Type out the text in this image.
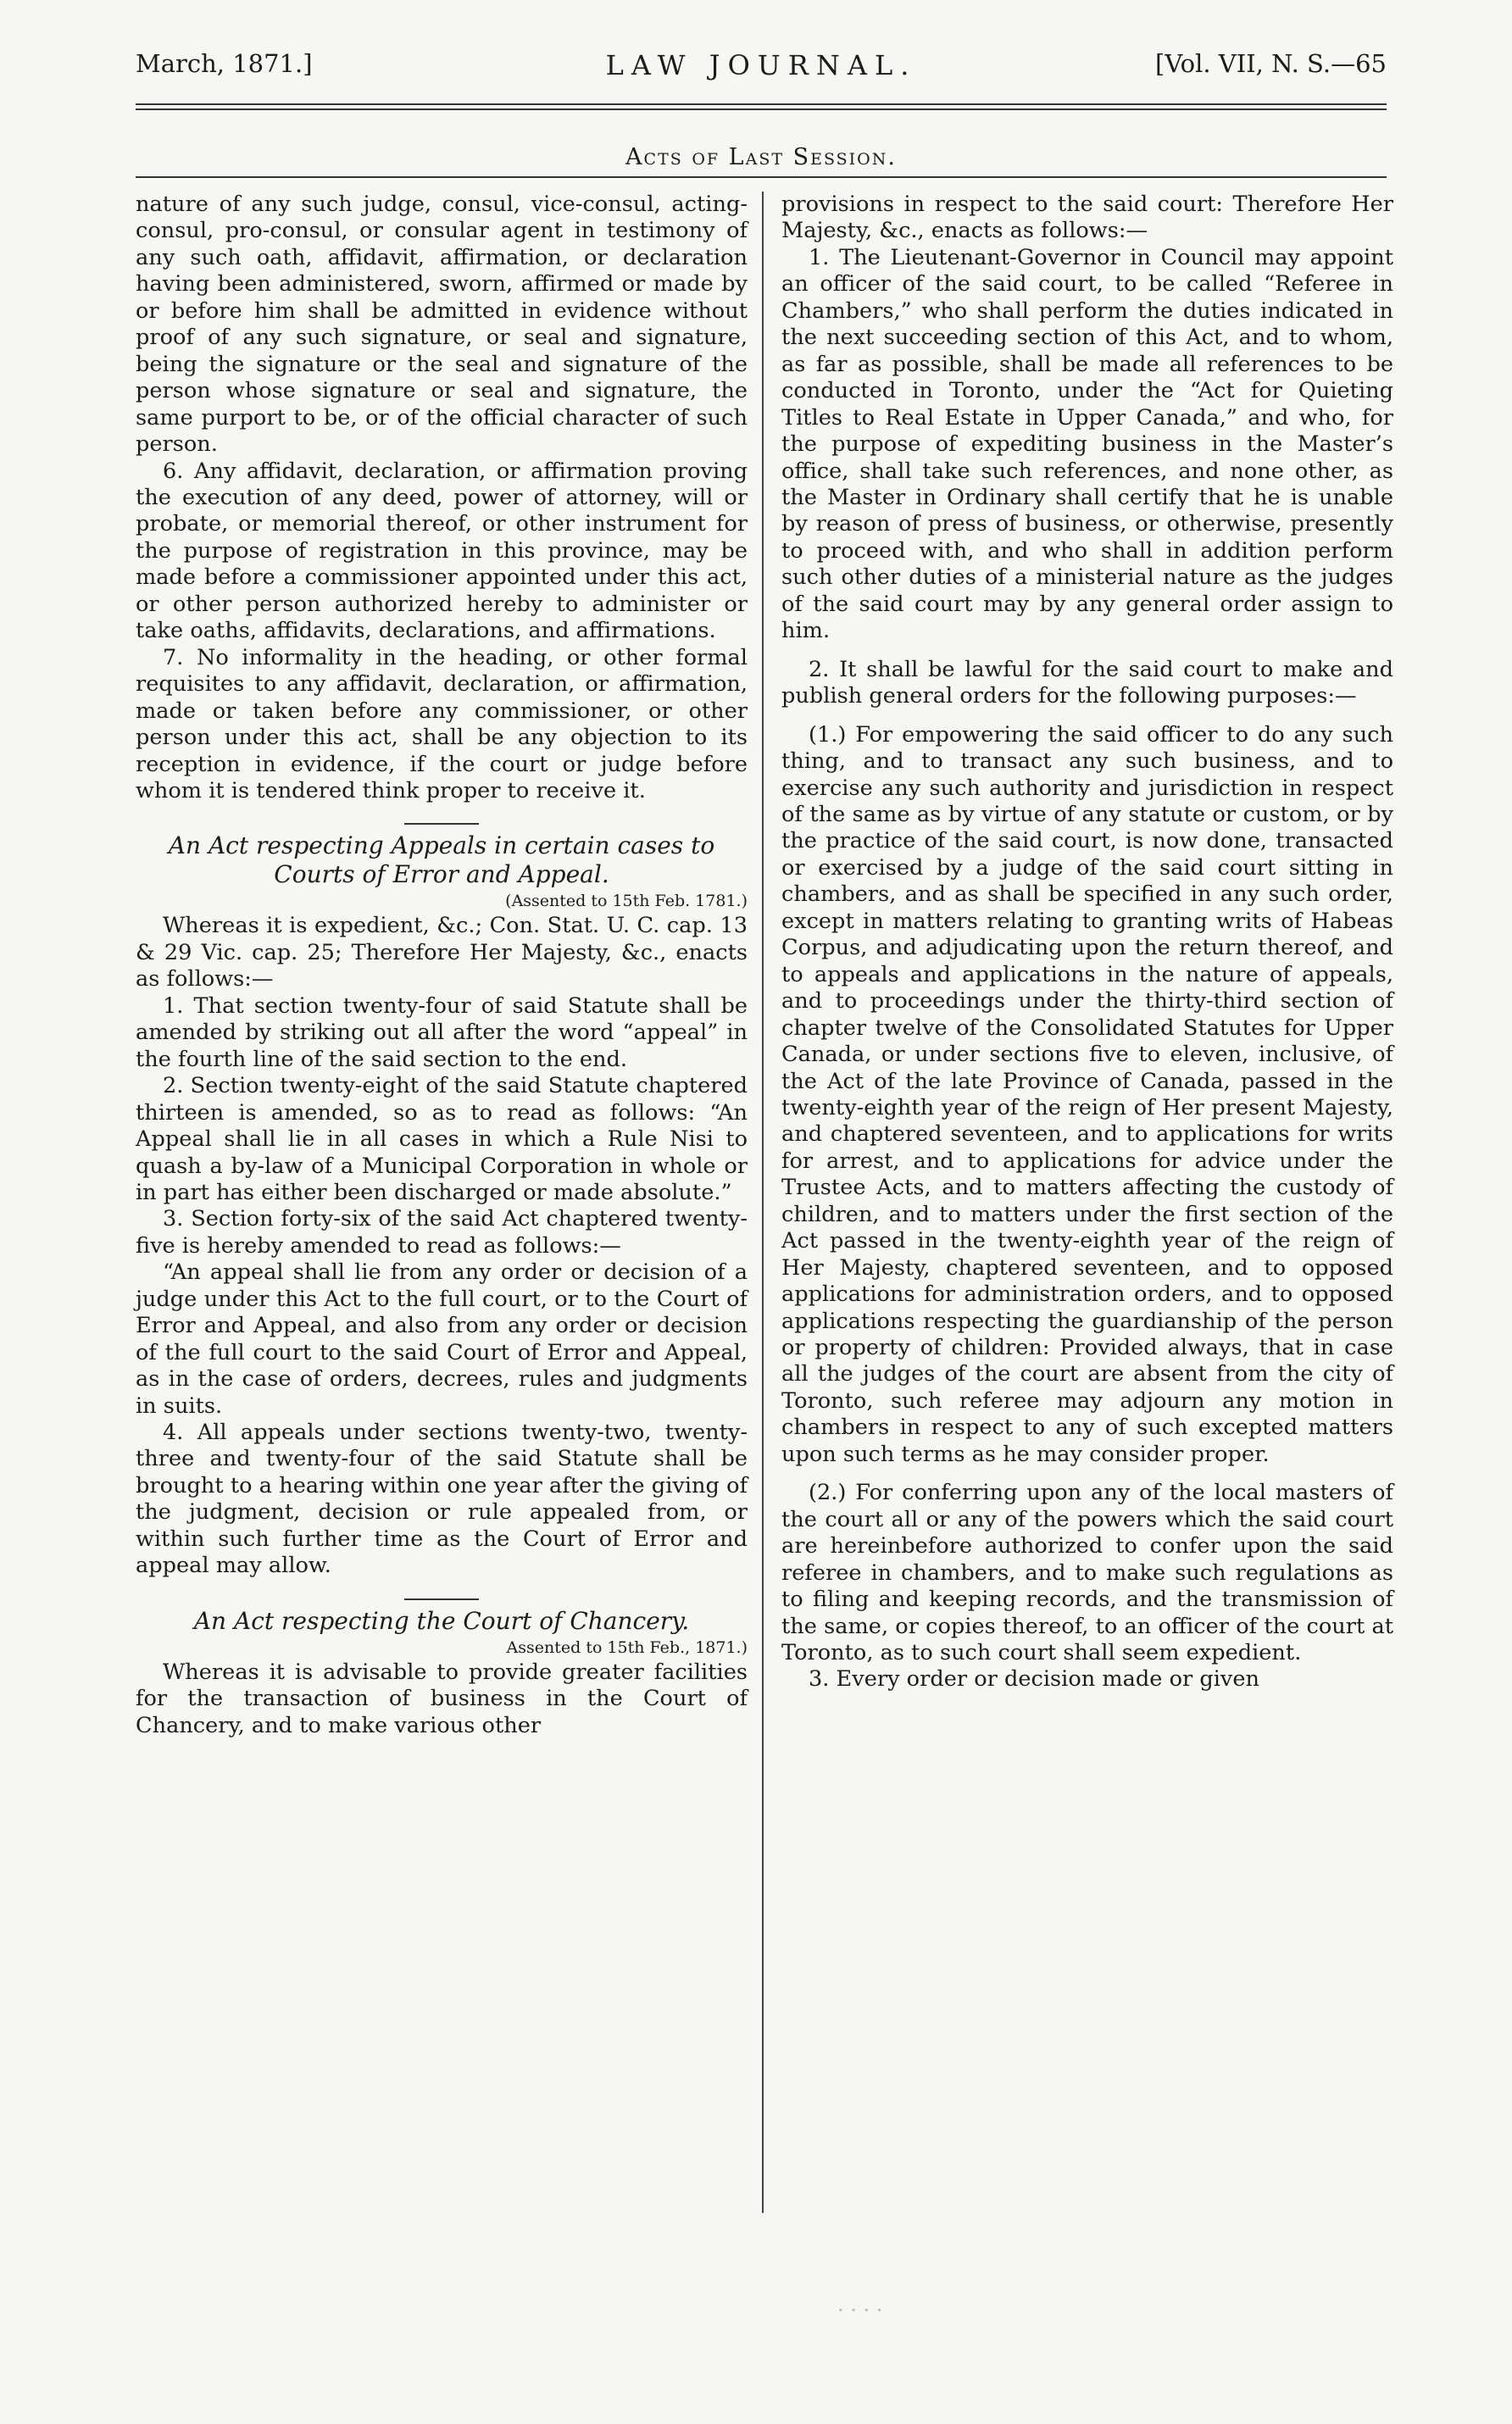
March, 1871.]	LAW JOURNAL.	[Vol. VII, N. S.—65
Acts of Last Session.

nature of any such judge, consul, vice-consul, acting-consul, pro-consul, or consular agent in testimony of any such oath, affidavit, affirmation, or declaration having been administered, sworn, affirmed or made by or before him shall be admitted in evidence without proof of any such signature, or seal and signature, being the signature or the seal and signature of the person whose signature or seal and signature, the same purport to be, or of the official character of such person.

6. Any affidavit, declaration, or affirmation proving the execution of any deed, power of attorney, will or probate, or memorial thereof, or other instrument for the purpose of registration in this province, may be made before a commissioner appointed under this act, or other person authorized hereby to administer or take oaths, affidavits, declarations, and affirmations.

7. No informality in the heading, or other formal requisites to any affidavit, declaration, or affirmation, made or taken before any commissioner, or other person under this act, shall be any objection to its reception in evidence, if the court or judge before whom it is tendered think proper to receive it.

An Act respecting Appeals in certain cases to Courts of Error and Appeal.

(Assented to 15th Feb. 1781.)

Whereas it is expedient, &c.; Con. Stat. U. C. cap. 13 & 29 Vic. cap. 25; Therefore Her Majesty, &c., enacts as follows:—

1. That section twenty-four of said Statute shall be amended by striking out all after the word “appeal” in the fourth line of the said section to the end.

2. Section twenty-eight of the said Statute chaptered thirteen is amended, so as to read as follows: “An Appeal shall lie in all cases in which a Rule Nisi to quash a by-law of a Municipal Corporation in whole or in part has either been discharged or made absolute.”

3. Section forty-six of the said Act chaptered twenty-five is hereby amended to read as follows:—

“An appeal shall lie from any order or decision of a judge under this Act to the full court, or to the Court of Error and Appeal, and also from any order or decision of the full court to the said Court of Error and Appeal, as in the case of orders, decrees, rules and judgments in suits.

4. All appeals under sections twenty-two, twenty-three and twenty-four of the said Statute shall be brought to a hearing within one year after the giving of the judgment, decision or rule appealed from, or within such further time as the Court of Error and appeal may allow.

An Act respecting the Court of Chancery.

Assented to 15th Feb., 1871.)

Whereas it is advisable to provide greater facilities for the transaction of business in the Court of Chancery, and to make various other

provisions in respect to the said court: Therefore Her Majesty, &c., enacts as follows:—

1. The Lieutenant-Governor in Council may appoint an officer of the said court, to be called “Referee in Chambers,” who shall perform the duties indicated in the next succeeding section of this Act, and to whom, as far as possible, shall be made all references to be conducted in Toronto, under the “Act for Quieting Titles to Real Estate in Upper Canada,” and who, for the purpose of expediting business in the Master’s office, shall take such references, and none other, as the Master in Ordinary shall certify that he is unable by reason of press of business, or otherwise, presently to proceed with, and who shall in addition perform such other duties of a ministerial nature as the judges of the said court may by any general order assign to him.

2. It shall be lawful for the said court to make and publish general orders for the following purposes:—

(1.) For empowering the said officer to do any such thing, and to transact any such business, and to exercise any such authority and jurisdiction in respect of the same as by virtue of any statute or custom, or by the practice of the said court, is now done, transacted or exercised by a judge of the said court sitting in chambers, and as shall be specified in any such order, except in matters relating to granting writs of Habeas Corpus, and adjudicating upon the return thereof, and to appeals and applications in the nature of appeals, and to proceedings under the thirty-third section of chapter twelve of the Consolidated Statutes for Upper Canada, or under sections five to eleven, inclusive, of the Act of the late Province of Canada, passed in the twenty-eighth year of the reign of Her present Majesty, and chaptered seventeen, and to applications for writs for arrest, and to applications for advice under the Trustee Acts, and to matters affecting the custody of children, and to matters under the first section of the Act passed in the twenty-eighth year of the reign of Her Majesty, chaptered seventeen, and to opposed applications for administration orders, and to opposed applications respecting the guardianship of the person or property of children: Provided always, that in case all the judges of the court are absent from the city of Toronto, such referee may adjourn any motion in chambers in respect to any of such excepted matters upon such terms as he may consider proper.

(2.) For conferring upon any of the local masters of the court all or any of the powers which the said court are hereinbefore authorized to confer upon the said referee in chambers, and to make such regulations as to filing and keeping records, and the transmission of the same, or copies thereof, to an officer of the court at Toronto, as to such court shall seem expedient.

3. Every order or decision made or given

· · · ·
